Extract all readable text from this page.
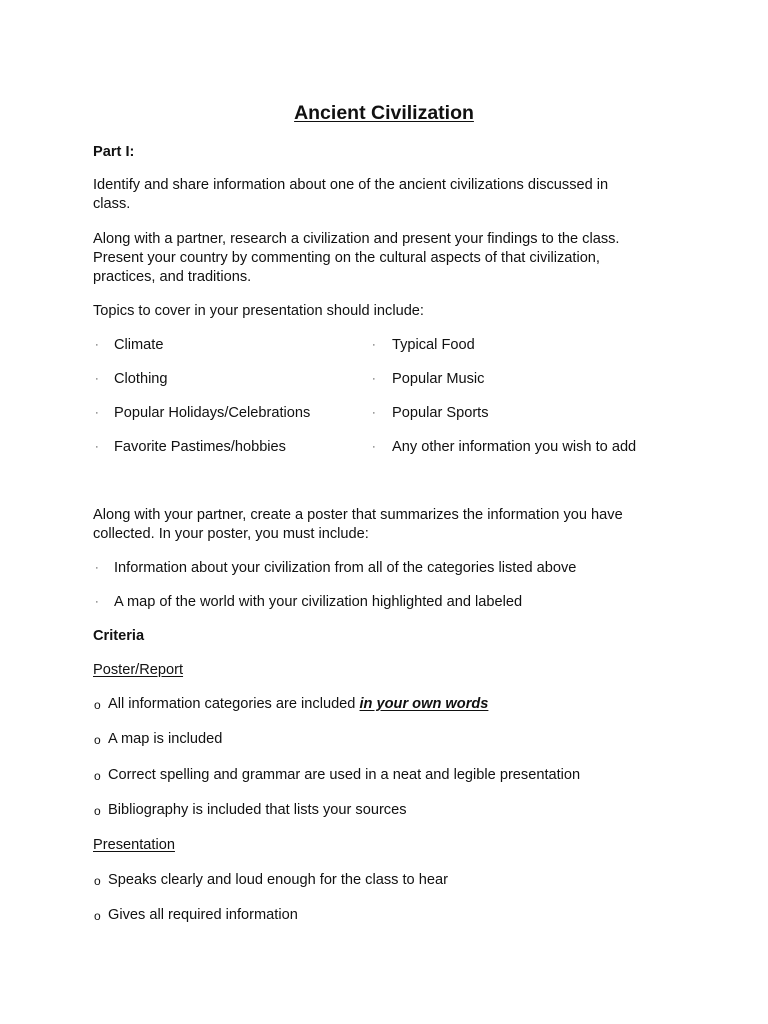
Ancient Civilization
Part I:
Identify and share information about one of the ancient civilizations discussed in
class.
Along with a partner, research a civilization and present your findings to the class.
Present your country by commenting on the cultural aspects of that civilization,
practices, and traditions.
Topics to cover in your presentation should include:
· Climate
· Clothing
· Popular Holidays/Celebrations
· Favorite Pastimes/hobbies
· Typical Food
· Popular Music
· Popular Sports
· Any other information you wish to add
Along with your partner, create a poster that summarizes the information you have
collected. In your poster, you must include:
· Information about your civilization from all of the categories listed above
· A map of the world with your civilization highlighted and labeled
Criteria
Poster/Report
o All information categories are included in your own words
o A map is included
o Correct spelling and grammar are used in a neat and legible presentation
o Bibliography is included that lists your sources
Presentation
o Speaks clearly and loud enough for the class to hear
o Gives all required information
